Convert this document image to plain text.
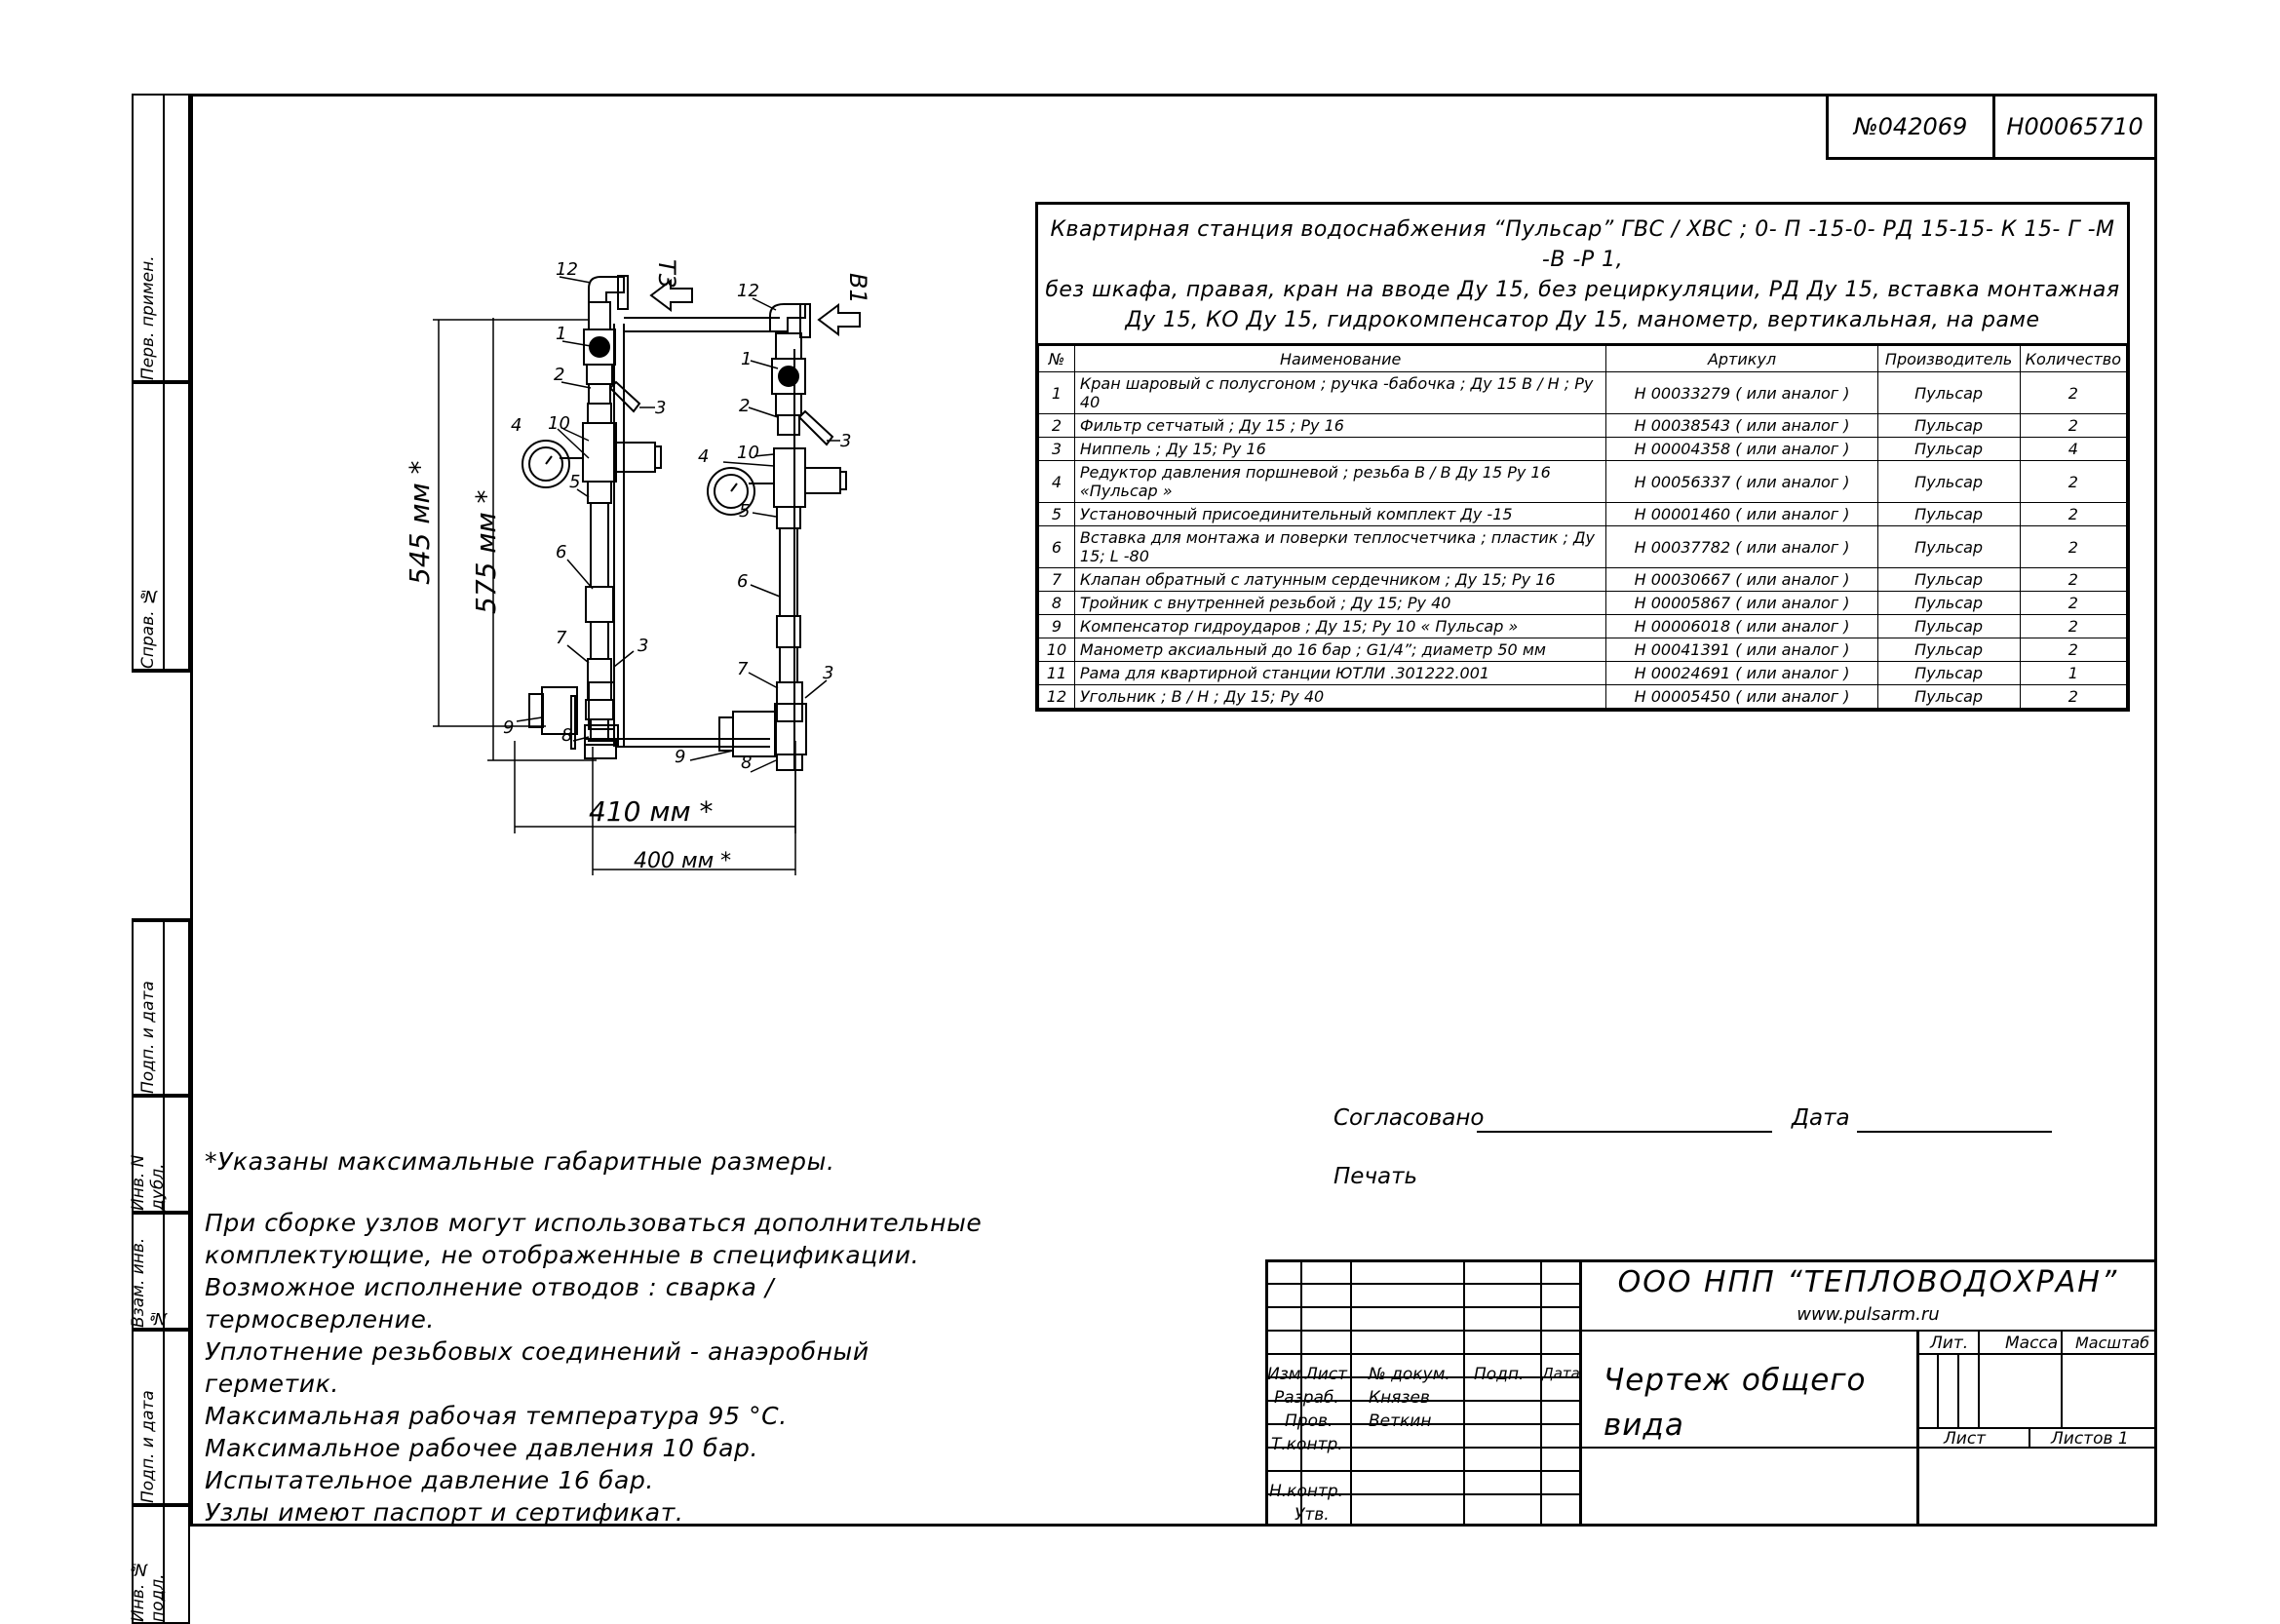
Перв. примен.
Справ. №
Подп. и дата
Инв. N дубл.
Взам. инв. №
Подп. и дата
Инв. № подл.
№042069	Н00065710
Квартирная станция водоснабжения “Пульсар” ГВС / ХВС ; 0- П -15-0- РД 15-15- К 15- Г -М -В -Р 1,
без шкафа, правая, кран на вводе Ду 15, без рециркуляции, РД Ду 15, вставка монтажная
Ду 15, КО Ду 15, гидрокомпенсатор Ду 15, манометр, вертикальная, на раме
№	Наименование	Артикул	Производитель	Количество
1	Кран шаровый с полусгоном ; ручка -бабочка ; Ду 15 В / Н ; Ру 40	Н 00033279 ( или аналог )	Пульсар	2
2	Фильтр сетчатый ; Ду 15 ; Ру 16	Н 00038543 ( или аналог )	Пульсар	2
3	Ниппель ; Ду 15; Ру 16	Н 00004358 ( или аналог )	Пульсар	4
4	Редуктор давления поршневой ; резьба В / В Ду 15 Ру 16 «Пульсар »	Н 00056337 ( или аналог )	Пульсар	2
5	Установочный присоединительный комплект Ду -15	Н 00001460 ( или аналог )	Пульсар	2
6	Вставка для монтажа и поверки теплосчетчика ; пластик ; Ду 15; L -80	Н 00037782 ( или аналог )	Пульсар	2
7	Клапан обратный с латунным сердечником ; Ду 15; Ру 16	Н 00030667 ( или аналог )	Пульсар	2
8	Тройник с внутренней резьбой ; Ду 15; Ру 40	Н 00005867 ( или аналог )	Пульсар	2
9	Компенсатор гидроударов ; Ду 15; Ру 10 « Пульсар »	Н 00006018 ( или аналог )	Пульсар	2
10	Манометр аксиальный до 16 бар ; G1/4”; диаметр 50 мм	Н 00041391 ( или аналог )	Пульсар	2
11	Рама для квартирной станции ЮТЛИ .301222.001	Н 00024691 ( или аналог )	Пульсар	1
12	Угольник ; В / Н ; Ду 15; Ру 40	Н 00005450 ( или аналог )	Пульсар	2
12
1
2
3
4 10
5
6
7	3
9	8
12
1
2
3
4 10
5
6
7	3
9	8
Т3	В1
545 мм * 575 мм *
410 мм *
400 мм *
*Указаны максимальные габаритные размеры.
При сборке узлов могут использоваться дополнительные
комплектующие, не отображенные в спецификации.
Возможное исполнение отводов : сварка / термосверление.
Уплотнение резьбовых соединений - анаэробный герметик.
Максимальная рабочая температура 95 °С.
Максимальное рабочее давления 10 бар.
Испытательное давление 16 бар.
Узлы имеют паспорт и сертификат.
Согласовано	Дата
Печать
Изм Лист № докум. Подп. Дата
Разраб. Князев
Пров. Веткин
Т.контр.
Н.контр.
Утв.
ООО НПП “ТЕПЛОВОДОХРАН”
www.pulsarm.ru
Чертеж общего
вида
Лит. Масса Масштаб
Лист	Листов 1
